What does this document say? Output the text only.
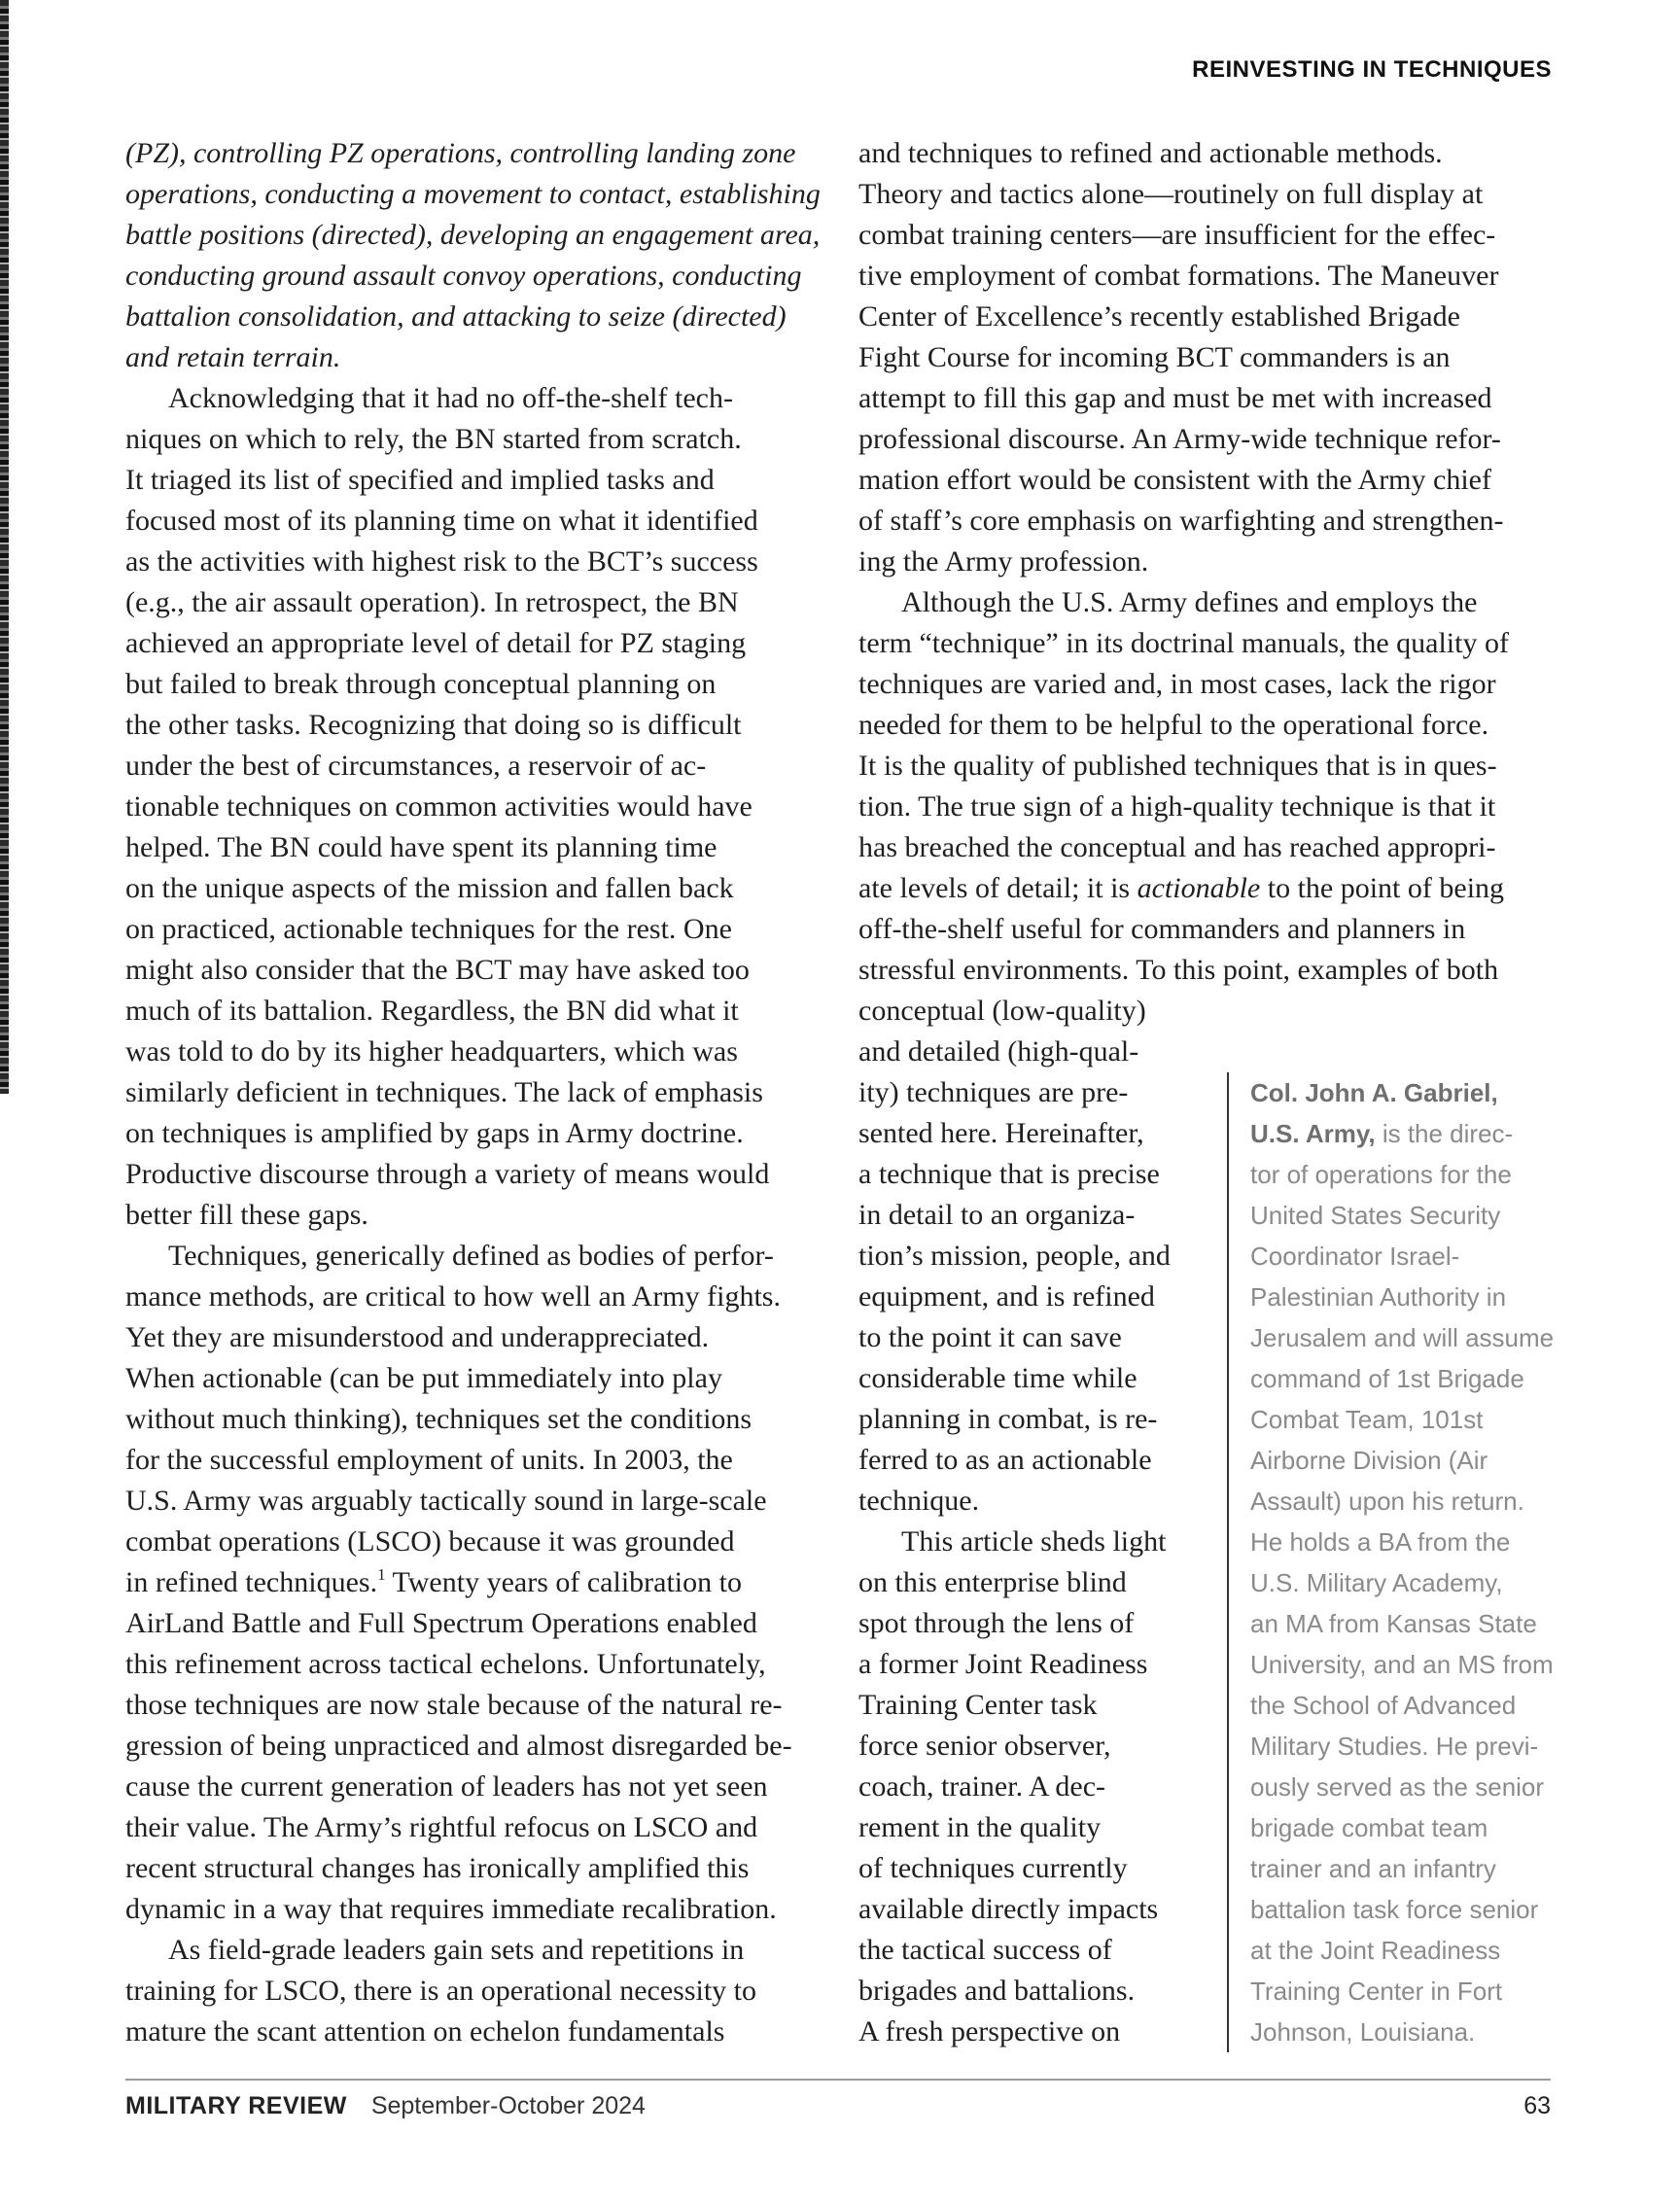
REINVESTING IN TECHNIQUES
(PZ), controlling PZ operations, controlling landing zone
operations, conducting a movement to contact, establishing
battle positions (directed), developing an engagement area,
conducting ground assault convoy operations, conducting
battalion consolidation, and attacking to seize (directed)
and retain terrain.
Acknowledging that it had no off-the-shelf tech-
niques on which to rely, the BN started from scratch.
It triaged its list of specified and implied tasks and
focused most of its planning time on what it identified
as the activities with highest risk to the BCT’s success
(e.g., the air assault operation). In retrospect, the BN
achieved an appropriate level of detail for PZ staging
but failed to break through conceptual planning on
the other tasks. Recognizing that doing so is difficult
under the best of circumstances, a reservoir of ac-
tionable techniques on common activities would have
helped. The BN could have spent its planning time
on the unique aspects of the mission and fallen back
on practiced, actionable techniques for the rest. One
might also consider that the BCT may have asked too
much of its battalion. Regardless, the BN did what it
was told to do by its higher headquarters, which was
similarly deficient in techniques. The lack of emphasis
on techniques is amplified by gaps in Army doctrine.
Productive discourse through a variety of means would
better fill these gaps.
Techniques, generically defined as bodies of perfor-
mance methods, are critical to how well an Army fights.
Yet they are misunderstood and underappreciated.
When actionable (can be put immediately into play
without much thinking), techniques set the conditions
for the successful employment of units. In 2003, the
U.S. Army was arguably tactically sound in large-scale
combat operations (LSCO) because it was grounded
in refined techniques.$^1$ Twenty years of calibration to
AirLand Battle and Full Spectrum Operations enabled
this refinement across tactical echelons. Unfortunately,
those techniques are now stale because of the natural re-
gression of being unpracticed and almost disregarded be-
cause the current generation of leaders has not yet seen
their value. The Army’s rightful refocus on LSCO and
recent structural changes has ironically amplified this
dynamic in a way that requires immediate recalibration.
As field-grade leaders gain sets and repetitions in
training for LSCO, there is an operational necessity to
mature the scant attention on echelon fundamentals
and techniques to refined and actionable methods.
Theory and tactics alone—routinely on full display at
combat training centers—are insufficient for the effec-
tive employment of combat formations. The Maneuver
Center of Excellence’s recently established Brigade
Fight Course for incoming BCT commanders is an
attempt to fill this gap and must be met with increased
professional discourse. An Army-wide technique refor-
mation effort would be consistent with the Army chief
of staff’s core emphasis on warfighting and strengthen-
ing the Army profession.
Although the U.S. Army defines and employs the
term “technique” in its doctrinal manuals, the quality of
techniques are varied and, in most cases, lack the rigor
needed for them to be helpful to the operational force.
It is the quality of published techniques that is in ques-
tion. The true sign of a high-quality technique is that it
has breached the conceptual and has reached appropri-
ate levels of detail; it is actionable to the point of being
off-the-shelf useful for commanders and planners in
stressful environments. To this point, examples of both
conceptual (low-quality)
and detailed (high-qual-
ity) techniques are pre-
sented here. Hereinafter,
a technique that is precise
in detail to an organiza-
tion’s mission, people, and
equipment, and is refined
to the point it can save
considerable time while
planning in combat, is re-
ferred to as an actionable
technique.
This article sheds light
on this enterprise blind
spot through the lens of
a former Joint Readiness
Training Center task
force senior observer,
coach, trainer. A dec-
rement in the quality
of techniques currently
available directly impacts
the tactical success of
brigades and battalions.
A fresh perspective on
Col. John A. Gabriel,
U.S. Army, is the direc-
tor of operations for the
United States Security
Coordinator Israel-
Palestinian Authority in
Jerusalem and will assume
command of 1st Brigade
Combat Team, 101st
Airborne Division (Air
Assault) upon his return.
He holds a BA from the
U.S. Military Academy,
an MA from Kansas State
University, and an MS from
the School of Advanced
Military Studies. He previ-
ously served as the senior
brigade combat team
trainer and an infantry
battalion task force senior
at the Joint Readiness
Training Center in Fort
Johnson, Louisiana.
MILITARY REVIEW September-October 2024	63
